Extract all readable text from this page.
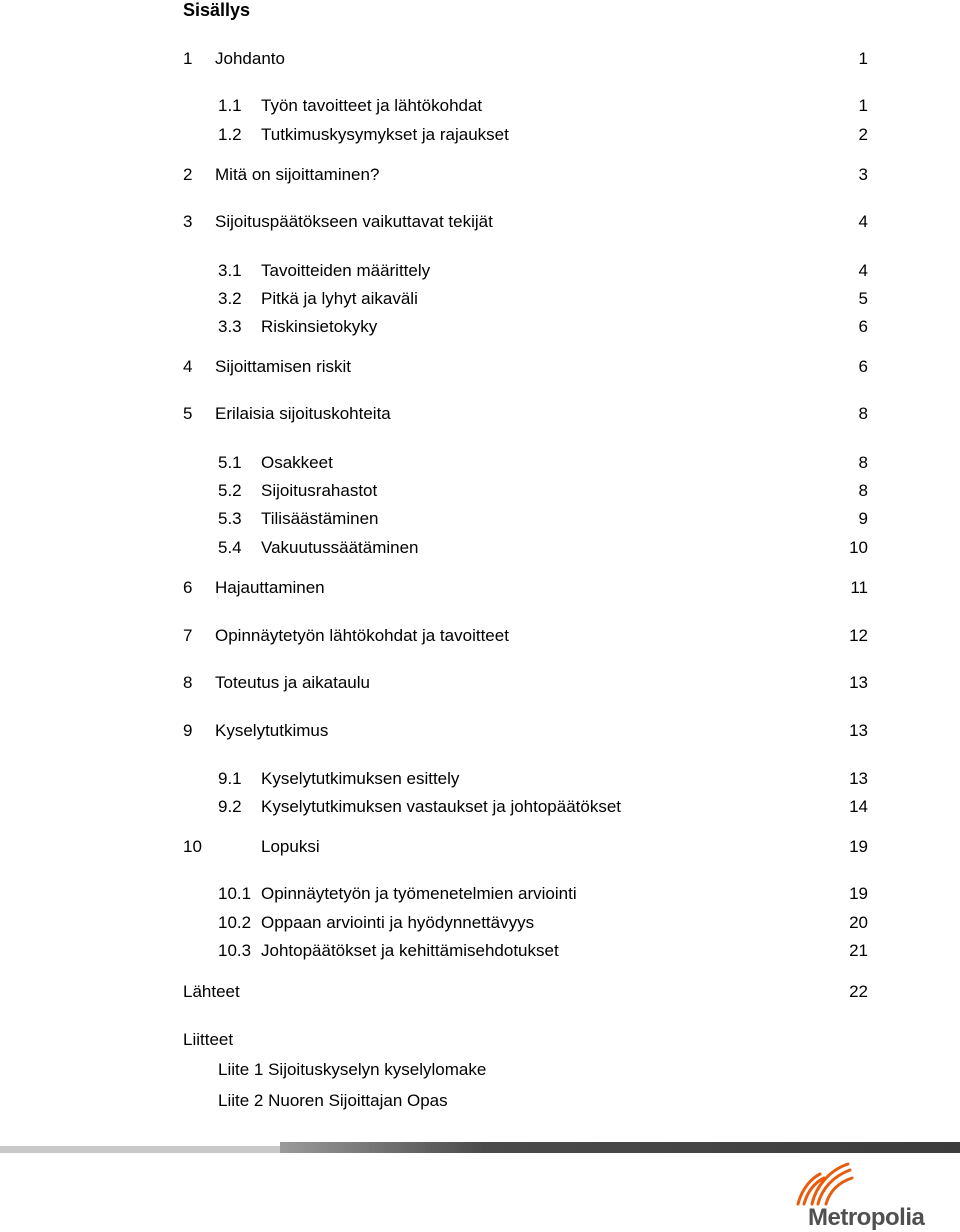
Sisällys
1 Johdanto	1
1.1 Työn tavoitteet ja lähtökohdat	1
1.2 Tutkimuskysymykset ja rajaukset	2
2 Mitä on sijoittaminen?	3
3 Sijoituspäätökseen vaikuttavat tekijät	4
3.1 Tavoitteiden määrittely	4
3.2 Pitkä ja lyhyt aikaväli	5
3.3 Riskinsietokyky	6
4 Sijoittamisen riskit	6
5 Erilaisia sijoituskohteita	8
5.1 Osakkeet	8
5.2 Sijoitusrahastot	8
5.3 Tilisäästäminen	9
5.4 Vakuutussäätäminen	10
6 Hajauttaminen	11
7 Opinnäytetyön lähtökohdat ja tavoitteet	12
8 Toteutus ja aikataulu	13
9 Kyselytutkimus	13
9.1 Kyselytutkimuksen esittely	13
9.2 Kyselytutkimuksen vastaukset ja johtopäätökset	14
10	Lopuksi	19
10.1 Opinnäytetyön ja työmenetelmien arviointi	19
10.2 Oppaan arviointi ja hyödynnettävyys	20
10.3 Johtopäätökset ja kehittämisehdotukset	21
Lähteet	22
Liitteet
Liite 1 Sijoituskyselyn kyselylomake
Liite 2 Nuoren Sijoittajan Opas
Metropolia
